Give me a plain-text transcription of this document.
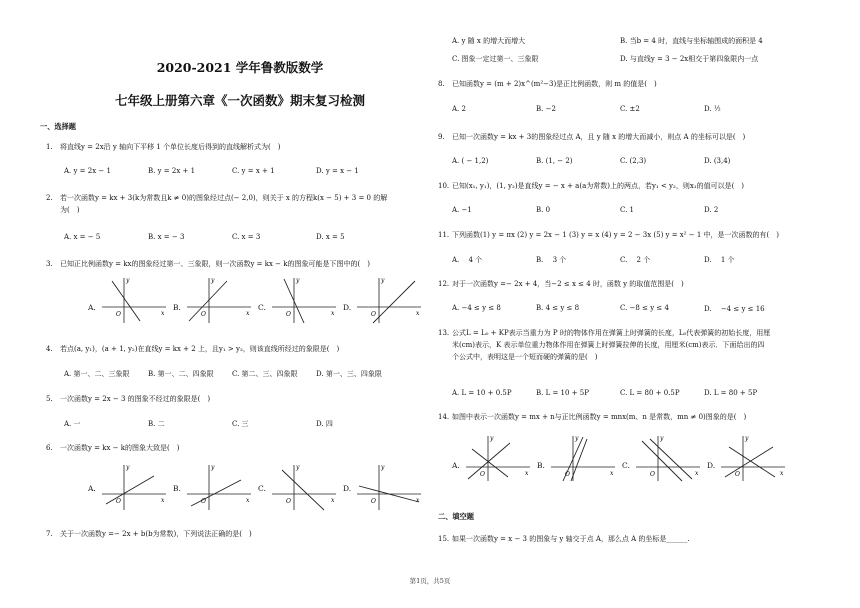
2020-2021 学年鲁教版数学
七年级上册第六章《一次函数》期末复习检测
一、选择题
1. 将直线y = 2x沿 y 轴向下平移 1 个单位长度后得到的直线解析式为(　)
A. y = 2x − 1	B. y = 2x + 1	C. y = x + 1	D. y = x − 1
2. 若一次函数y = kx + 3(k为常数且k ≠ 0)的图象经过点(− 2,0)，则关于 x 的方程k(x − 5) + 3 = 0 的解
为(　)
A. x = − 5	B. x = − 3	C. x = 3	D. x = 5
3. 已知正比例函数y = kx的图象经过第一、三象限，则一次函数y = kx − k的图象可能是下图中的(　)
A.
y
x
O
B.
y
x
O
C.
y
x
O
D.
y
x
O
4. 若点(a, y₁)，(a + 1, y₂)在直线y = kx + 2 上，且y₁ > y₂，则该直线所经过的象限是(　)
A. 第一、二、三象限	B. 第一、二、四象限	C. 第二、三、四象限	D. 第一、三、四象限
5. 一次函数y = 2x − 3 的图象不经过的象限是(　)
A. 一	B. 二	C. 三	D. 四
6. 一次函数y = kx − k的图象大致是(　)
A.
y
x
O
B.
y
x
O
C.
y
x
O
D.
y
x
O
7. 关于一次函数y =− 2x + b(b为常数)，下列说法正确的是(　)
A. y 随 x 的增大而增大	B. 当b = 4 时，直线与坐标轴围成的面积是 4
C. 图象一定过第一、三象限	D. 与直线y = 3 − 2x相交于第四象限内一点
8. 已知函数y = (m + 2)x^(m²−3)是正比例函数，则 m 的值是(　)
A. 2	B. −2	C. ±2	D. ½
9. 已知一次函数y = kx + 3的图象经过点 A，且 y 随 x 的增大而减小，则点 A 的坐标可以是(　)
A. ( − 1,2)	B. (1, − 2)	C. (2,3)	D. (3,4)
10. 已知(x₁, y₁)，(1, y₂)是直线y = − x + a(a为常数)上的两点，若y₁ < y₂，则x₁的值可以是(　)
A. −1	B. 0	C. 1	D. 2
11. 下列函数(1) y = πx (2) y = 2x − 1 (3) y = x (4) y = 2 − 3x (5) y = x² − 1 中，是一次函数的有(　)
A.　 4 个	B.　 3 个	C.　 2 个	D.　 1 个
12. 对于一次函数y =− 2x + 4，当−2 ≤ x ≤ 4 时，函数 y 的取值范围是(　)
A. −4 ≤ y ≤ 8	B. 4 ≤ y ≤ 8	C. −8 ≤ y ≤ 4	D.　 −4 ≤ y ≤ 16
13. 公式L = L₀ + KP表示当重力为 P 时的物体作用在弹簧上时弹簧的长度，L₀代表弹簧的初始长度，用厘
米(cm)表示，K 表示单位重力物体作用在弹簧上时弹簧拉伸的长度，用厘米(cm)表示．下面给出的四
个公式中，表明这是一个短而硬的弹簧的是(　)
A. L = 10 + 0.5P	B. L = 10 + 5P	C. L = 80 + 0.5P	D. L = 80 + 5P
14. 如图中表示一次函数y = mx + n与正比例函数y = mnx(m、n 是常数，mn ≠ 0)图象的是(　)
A.
y
x
O
B.
y
x
O
C.
y
x
O
D.
y
x
O
二、填空题
15. 如果一次函数y = x − 3 的图象与 y 轴交于点 A，那么点 A 的坐标是______.
第1页，共5页
